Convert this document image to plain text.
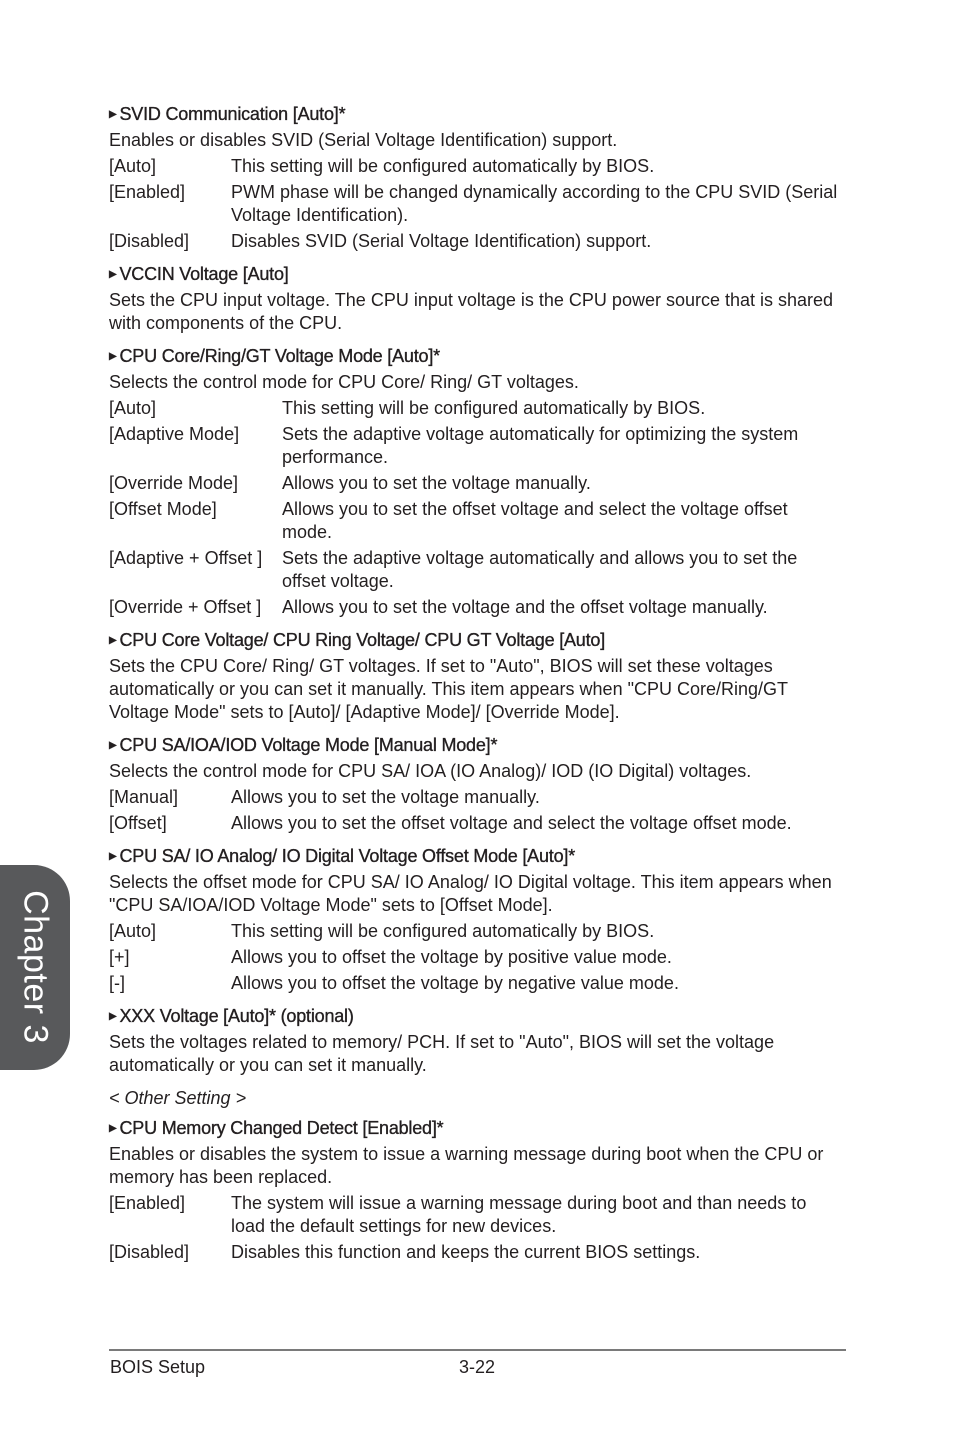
▶ SVID Communication [Auto]*
Enables or disables SVID (Serial Voltage Identification) support.
[Auto]	This setting will be configured automatically by BIOS.
[Enabled]	PWM phase will be changed dynamically according to the CPU SVID (Serial Voltage Identification).
[Disabled]	Disables SVID (Serial Voltage Identification) support.
▶ VCCIN Voltage [Auto]
Sets the CPU input voltage. The CPU input voltage is the CPU power source that is shared with components of the CPU.
▶ CPU Core/Ring/GT Voltage Mode [Auto]*
Selects the control mode for CPU Core/ Ring/ GT voltages.
[Auto]	This setting will be configured automatically by BIOS.
[Adaptive Mode]	Sets the adaptive voltage automatically for optimizing the system performance.
[Override Mode]	Allows you to set the voltage manually.
[Offset Mode]	Allows you to set the offset voltage and select the voltage offset mode.
[Adaptive + Offset ]	Sets the adaptive voltage automatically and allows you to set the offset voltage.
[Override + Offset ]	Allows you to set the voltage and the offset voltage manually.
▶ CPU Core Voltage/ CPU Ring Voltage/ CPU GT Voltage [Auto]
Sets the CPU Core/ Ring/ GT voltages. If set to "Auto", BIOS will set these voltages automatically or you can set it manually. This item appears when "CPU Core/Ring/GT Voltage Mode" sets to [Auto]/ [Adaptive Mode]/ [Override Mode].
▶ CPU SA/IOA/IOD Voltage Mode [Manual Mode]*
Selects the control mode for CPU SA/ IOA (IO Analog)/ IOD (IO Digital) voltages.
[Manual]	Allows you to set the voltage manually.
[Offset]	Allows you to set the offset voltage and select the voltage offset mode.
▶ CPU SA/ IO Analog/ IO Digital Voltage Offset Mode [Auto]*
Selects the offset mode for CPU SA/ IO Analog/ IO Digital voltage. This item appears when "CPU SA/IOA/IOD Voltage Mode" sets to [Offset Mode].
[Auto]	This setting will be configured automatically by BIOS.
[+]	Allows you to offset the voltage by positive value mode.
[-]	Allows you to offset the voltage by negative value mode.
▶ XXX Voltage [Auto]* (optional)
Sets the voltages related to memory/ PCH. If set to "Auto", BIOS will set the voltage automatically or you can set it manually.
< Other Setting >
▶ CPU Memory Changed Detect [Enabled]*
Enables or disables the system to issue a warning message during boot when the CPU or memory has been replaced.
[Enabled]	The system will issue a warning message during boot and than needs to load the default settings for new devices.
[Disabled]	Disables this function and keeps the current BIOS settings.
Chapter 3
BOIS Setup	3-22
